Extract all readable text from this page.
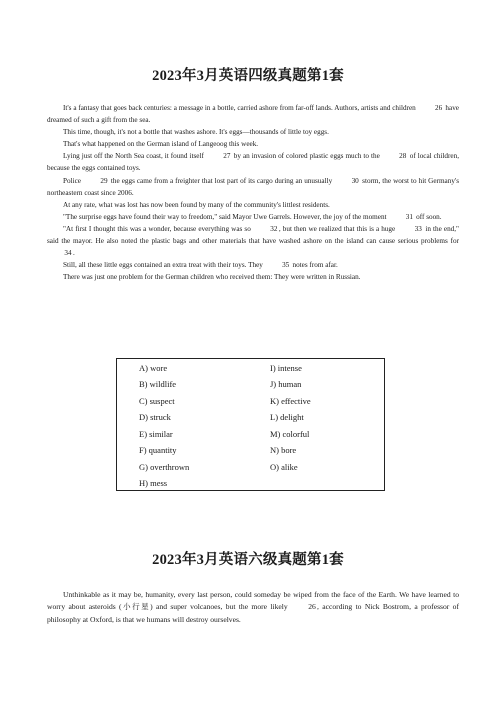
2023年3月英语四级真题第1套

It's a fantasy that goes back centuries: a message in a bottle, carried ashore from far-off lands. Authors, artists and children 26 have dreamed of such a gift from the sea.

This time, though, it's not a bottle that washes ashore. It's eggs—thousands of little toy eggs.

That's what happened on the German island of Langeoog this week.

Lying just off the North Sea coast, it found itself 27 by an invasion of colored plastic eggs much to the 28 of local children, because the eggs contained toys.

Police 29 the eggs came from a freighter that lost part of its cargo during an unusually 30 storm, the worst to hit Germany's northeastern coast since 2006.

At any rate, what was lost has now been found by many of the community's littlest residents.

"The surprise eggs have found their way to freedom," said Mayor Uwe Garrels. However, the joy of the moment 31 off soon.

"At first I thought this was a wonder, because everything was so 32, but then we realized that this is a huge 33 in the end," said the mayor. He also noted the plastic bags and other materials that have washed ashore on the island can cause serious problems for 34.

Still, all these little eggs contained an extra treat with their toys. They 35 notes from afar.

There was just one problem for the German children who received them: They were written in Russian.

A) wore
B) wildlife
C) suspect
D) struck
E) similar
F) quantity
G) overthrown
H) mess
I) intense
J) human
K) effective
L) delight
M) colorful
N) bore
O) alike
2023年3月英语六级真题第1套

Unthinkable as it may be, humanity, every last person, could someday be wiped from the face of the Earth. We have learned to worry about asteroids (小行星) and super volcanoes, but the more likely 26, according to Nick Bostrom, a professor of philosophy at Oxford, is that we humans will destroy ourselves.
